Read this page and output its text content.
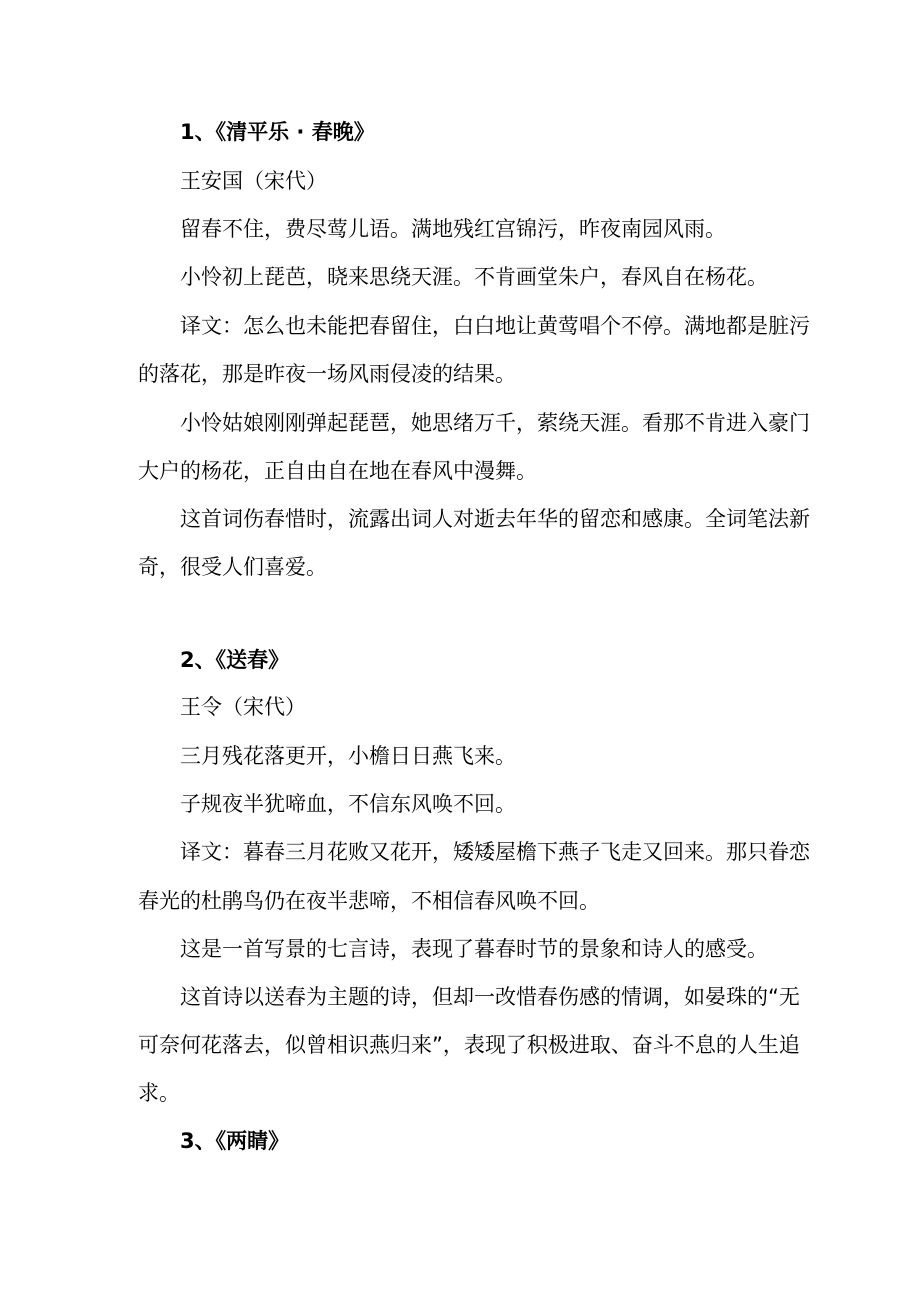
1、《清平乐 · 春晚》
王安国（宋代）
留春不住，费尽莺儿语。满地残红宫锦污，昨夜南园风雨。
小怜初上琵芭，晓来思绕天涯。不肯画堂朱户，春风自在杨花。
译文：怎么也未能把春留住，白白地让黄莺唱个不停。满地都是脏污
的落花，那是昨夜一场风雨侵凌的结果。
小怜姑娘刚刚弹起琵琶，她思绪万千，萦绕天涯。看那不肯进入豪门
大户的杨花，正自由自在地在春风中漫舞。
这首词伤春惜时，流露出词人对逝去年华的留恋和感康。全词笔法新
奇，很受人们喜爱。
2、《送春》
王令（宋代）
三月残花落更开，小檐日日燕飞来。
子规夜半犹啼血，不信东风唤不回。
译文：暮春三月花败又花开，矮矮屋檐下燕子飞走又回来。那只眷恋
春光的杜鹃鸟仍在夜半悲啼，不相信春风唤不回。
这是一首写景的七言诗，表现了暮春时节的景象和诗人的感受。
这首诗以送春为主题的诗，但却一改惜春伤感的情调，如晏珠的“无
可奈何花落去，似曾相识燕归来”，表现了积极进取、奋斗不息的人生追
求。
3、《两睛》
